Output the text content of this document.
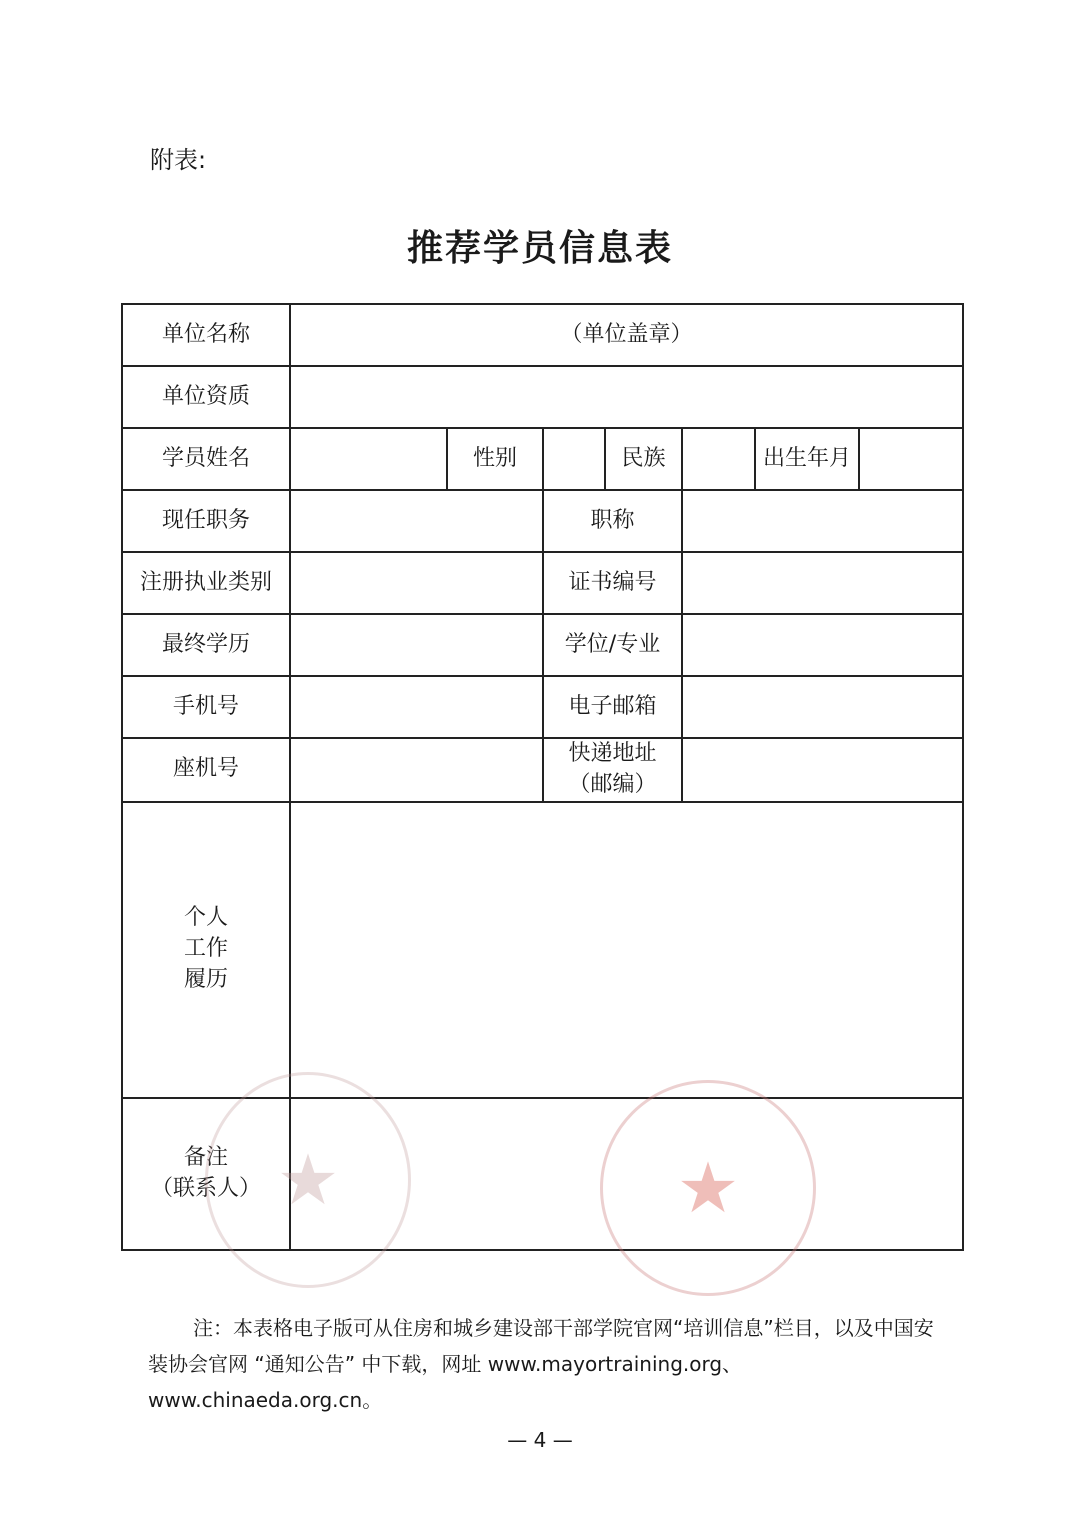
附表:
推荐学员信息表
单位名称	（单位盖章）						
单位资质							
学员姓名		性别		民族		出生年月	
现任职务			职称				
注册执业类别			证书编号				
最终学历			学位/专业				
手机号			电子邮箱				
座机号			快递地址
（邮编）				

个人
工作
履历							

备注
（联系人）							
	★	★

注：本表格电子版可从住房和城乡建设部干部学院官网“培训信息”栏目，以及中国安装协会官网 “通知公告” 中下载，网址 www.mayortraining.org、www.chinaeda.org.cn。

— 4 —
